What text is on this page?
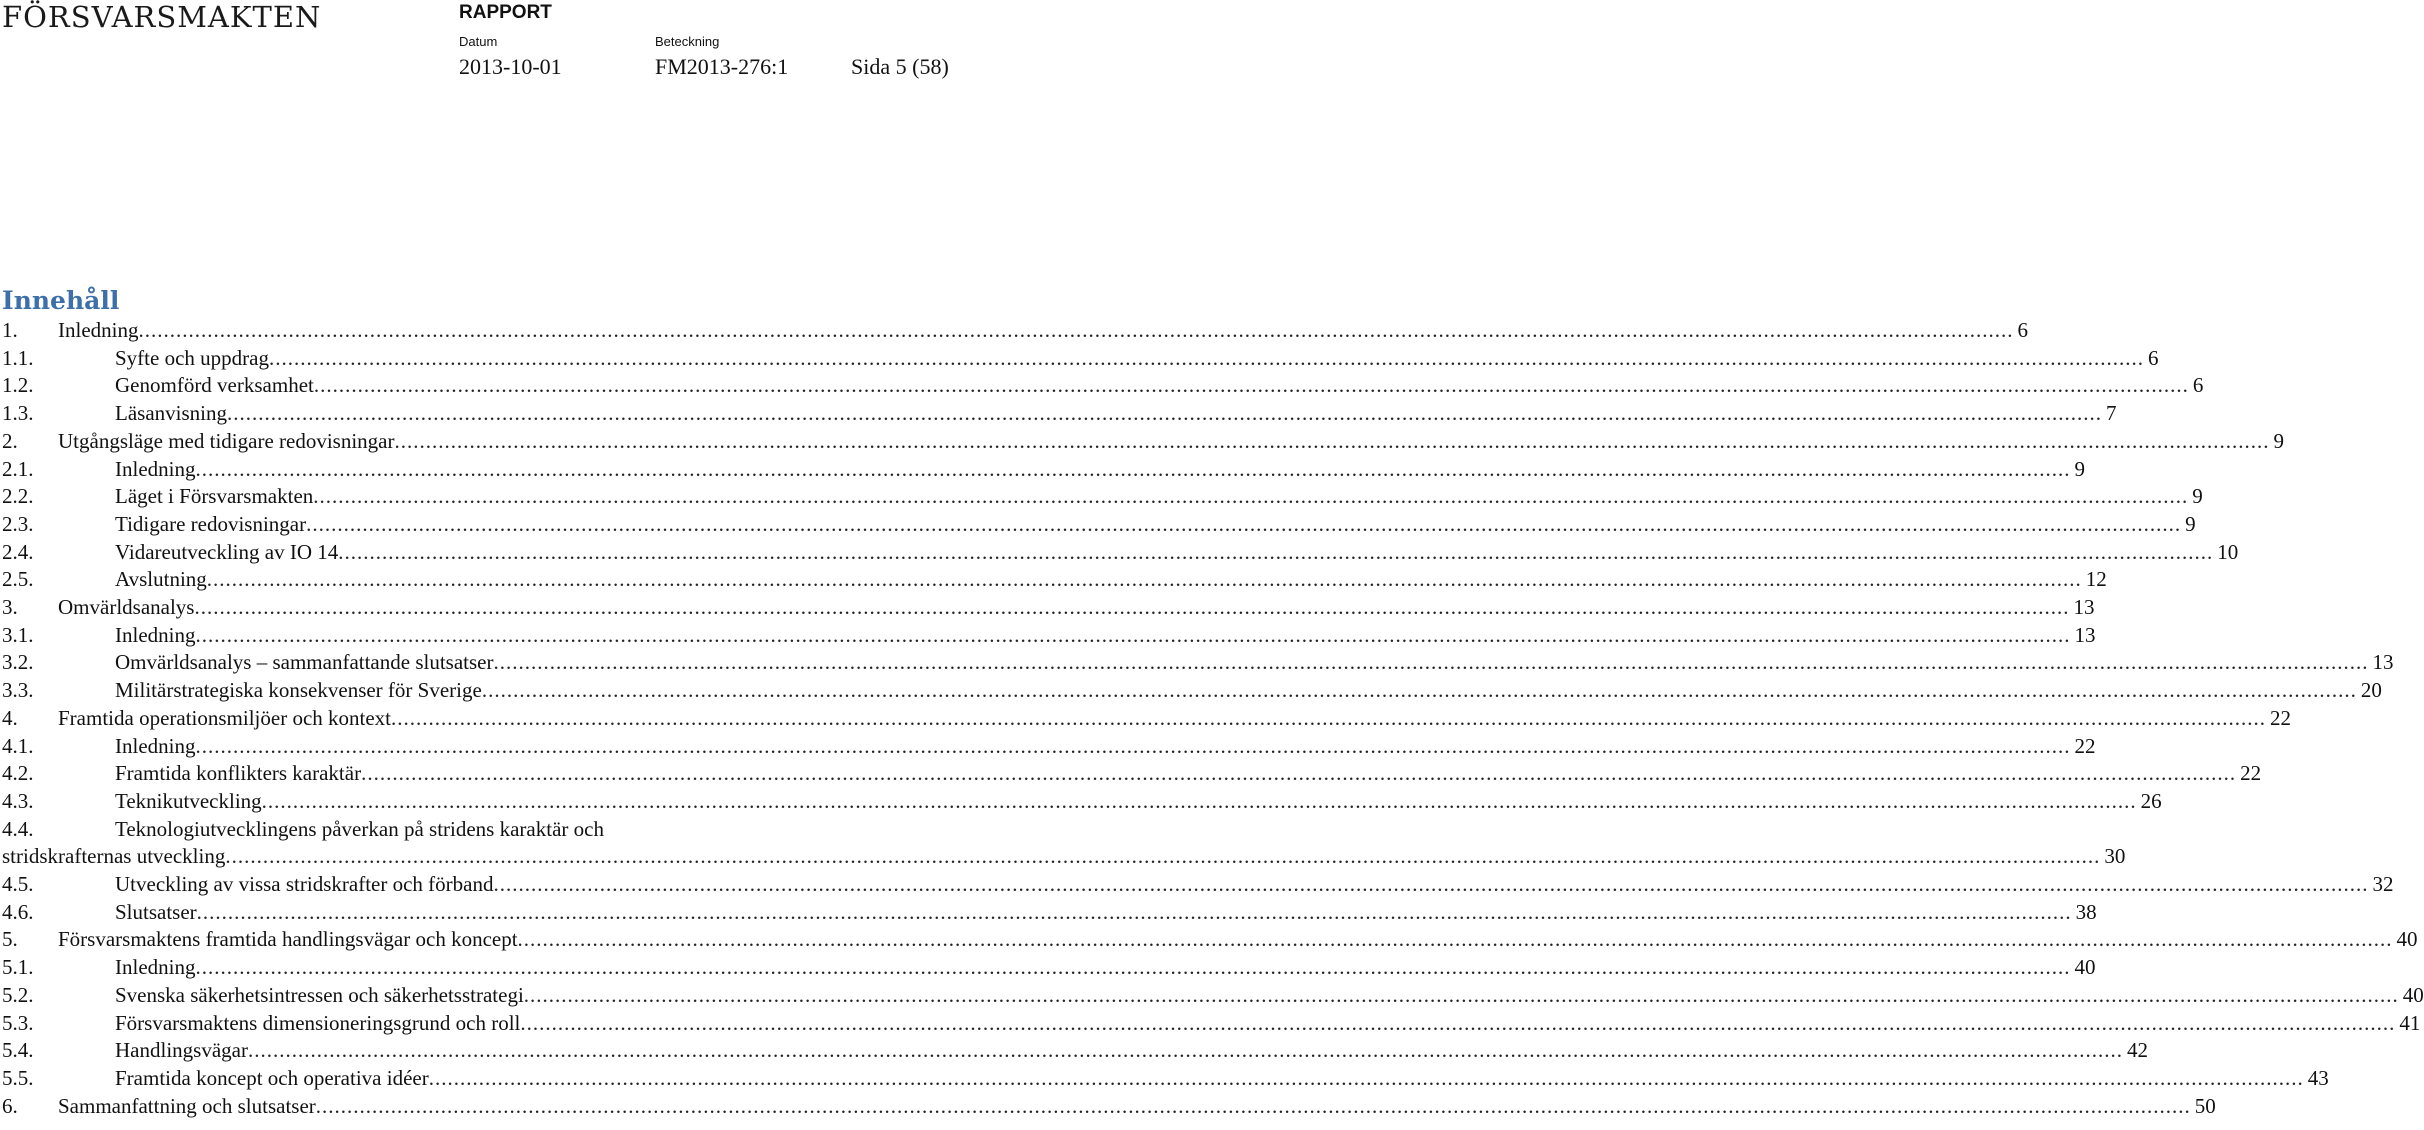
FÖRSVARSMAKTEN	RAPPORT
Datum	Beteckning
2013-10-01	FM2013-276:1	Sida 5 (58)
Innehåll
1. Inledning ............................................................................................................................................................................................................................................................................................................ 6
1.1.	Syfte och uppdrag ............................................................................................................................................................................................................................................................................................................ 6
1.2.	Genomförd verksamhet ............................................................................................................................................................................................................................................................................................................ 6
1.3.	Läsanvisning ............................................................................................................................................................................................................................................................................................................ 7
2. Utgångsläge med tidigare redovisningar ............................................................................................................................................................................................................................................................................................................ 9
2.1.	Inledning ............................................................................................................................................................................................................................................................................................................ 9
2.2.	Läget i Försvarsmakten ............................................................................................................................................................................................................................................................................................................ 9
2.3.	Tidigare redovisningar ............................................................................................................................................................................................................................................................................................................ 9
2.4.	Vidareutveckling av IO 14 ............................................................................................................................................................................................................................................................................................................ 10
2.5.	Avslutning ............................................................................................................................................................................................................................................................................................................ 12
3. Omvärldsanalys ............................................................................................................................................................................................................................................................................................................ 13
3.1.	Inledning ............................................................................................................................................................................................................................................................................................................ 13
3.2.	Omvärldsanalys – sammanfattande slutsatser ............................................................................................................................................................................................................................................................................................................ 13
3.3.	Militärstrategiska konsekvenser för Sverige ............................................................................................................................................................................................................................................................................................................ 20
4. Framtida operationsmiljöer och kontext ............................................................................................................................................................................................................................................................................................................ 22
4.1.	Inledning ............................................................................................................................................................................................................................................................................................................ 22
4.2.	Framtida konflikters karaktär ............................................................................................................................................................................................................................................................................................................ 22
4.3.	Teknikutveckling ............................................................................................................................................................................................................................................................................................................ 26
4.4.	Teknologiutvecklingens påverkan på stridens karaktär och
stridskrafternas utveckling ............................................................................................................................................................................................................................................................................................................ 30
4.5.	Utveckling av vissa stridskrafter och förband ............................................................................................................................................................................................................................................................................................................ 32
4.6.	Slutsatser ............................................................................................................................................................................................................................................................................................................ 38
5. Försvarsmaktens framtida handlingsvägar och koncept ............................................................................................................................................................................................................................................................................................................ 40
5.1.	Inledning ............................................................................................................................................................................................................................................................................................................ 40
5.2.	Svenska säkerhetsintressen och säkerhetsstrategi ............................................................................................................................................................................................................................................................................................................ 40
5.3.	Försvarsmaktens dimensioneringsgrund och roll ............................................................................................................................................................................................................................................................................................................ 41
5.4.	Handlingsvägar ............................................................................................................................................................................................................................................................................................................ 42
5.5.	Framtida koncept och operativa idéer ............................................................................................................................................................................................................................................................................................................ 43
6. Sammanfattning och slutsatser ............................................................................................................................................................................................................................................................................................................ 50
